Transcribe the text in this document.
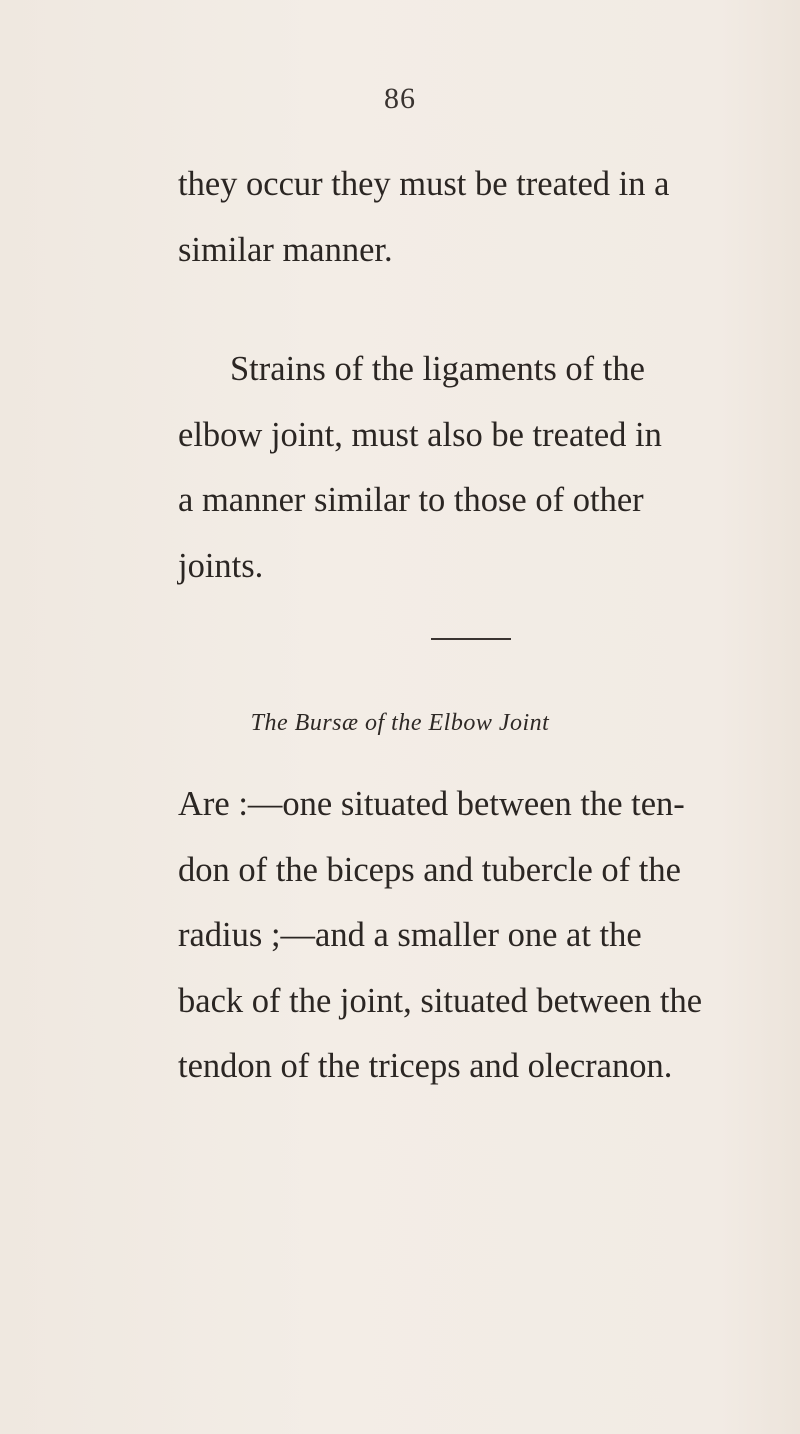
86
they occur they must be treated in a
similar manner.
Strains of the ligaments of the
elbow joint, must also be treated in
a manner similar to those of other
joints.
The Bursæ of the Elbow Joint
Are :—one situated between the ten-
don of the biceps and tubercle of the
radius ;—and a smaller one at the
back of the joint, situated between the
tendon of the triceps and olecranon.
